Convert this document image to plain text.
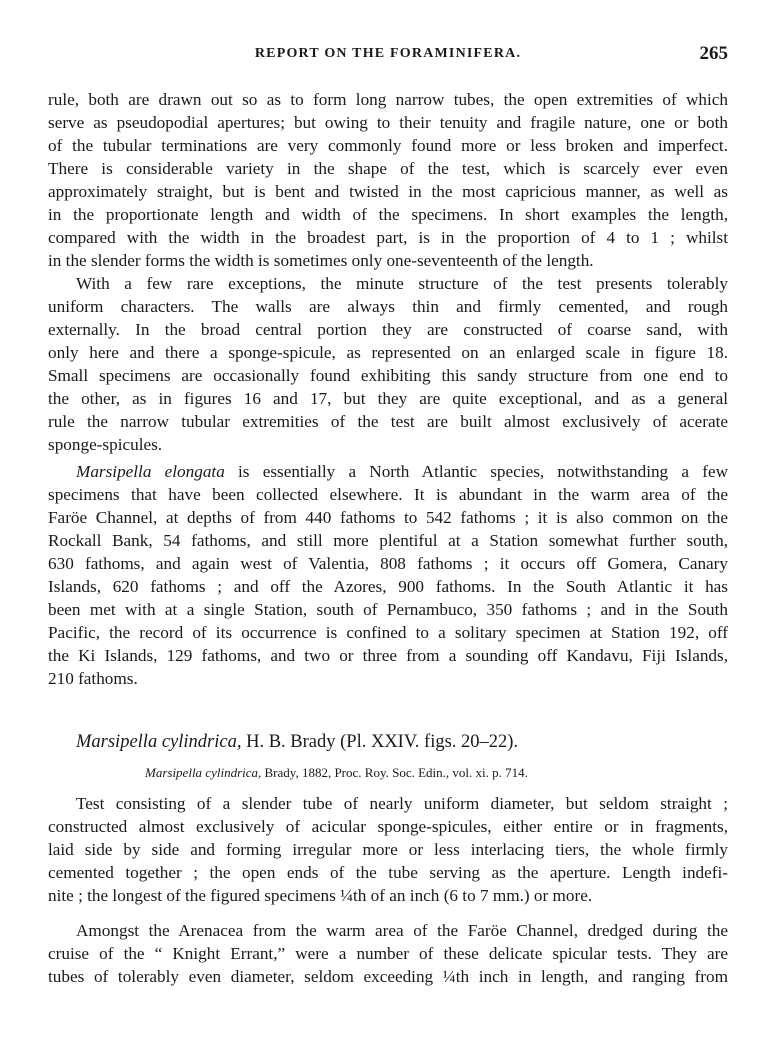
REPORT ON THE FORAMINIFERA.	265
rule, both are drawn out so as to form long narrow tubes, the open extremities of which
serve as pseudopodial apertures; but owing to their tenuity and fragile nature, one or both
of the tubular terminations are very commonly found more or less broken and imperfect.
There is considerable variety in the shape of the test, which is scarcely ever even
approximately straight, but is bent and twisted in the most capricious manner, as well as
in the proportionate length and width of the specimens. In short examples the length,
compared with the width in the broadest part, is in the proportion of 4 to 1 ; whilst
in the slender forms the width is sometimes only one-seventeenth of the length.
With a few rare exceptions, the minute structure of the test presents tolerably
uniform characters. The walls are always thin and firmly cemented, and rough
externally. In the broad central portion they are constructed of coarse sand, with
only here and there a sponge-spicule, as represented on an enlarged scale in figure 18.
Small specimens are occasionally found exhibiting this sandy structure from one end to
the other, as in figures 16 and 17, but they are quite exceptional, and as a general
rule the narrow tubular extremities of the test are built almost exclusively of acerate
sponge-spicules.
Marsipella elongata is essentially a North Atlantic species, notwithstanding a few
specimens that have been collected elsewhere. It is abundant in the warm area of the
Faröe Channel, at depths of from 440 fathoms to 542 fathoms ; it is also common on the
Rockall Bank, 54 fathoms, and still more plentiful at a Station somewhat further south,
630 fathoms, and again west of Valentia, 808 fathoms ; it occurs off Gomera, Canary
Islands, 620 fathoms ; and off the Azores, 900 fathoms. In the South Atlantic it has
been met with at a single Station, south of Pernambuco, 350 fathoms ; and in the South
Pacific, the record of its occurrence is confined to a solitary specimen at Station 192, off
the Ki Islands, 129 fathoms, and two or three from a sounding off Kandavu, Fiji Islands,
210 fathoms.
Marsipella cylindrica, H. B. Brady (Pl. XXIV. figs. 20–22).
Marsipella cylindrica, Brady, 1882, Proc. Roy. Soc. Edin., vol. xi. p. 714.
Test consisting of a slender tube of nearly uniform diameter, but seldom straight ;
constructed almost exclusively of acicular sponge-spicules, either entire or in fragments,
laid side by side and forming irregular more or less interlacing tiers, the whole firmly
cemented together ; the open ends of the tube serving as the aperture. Length indefi-
nite ; the longest of the figured specimens ¼th of an inch (6 to 7 mm.) or more.
Amongst the Arenacea from the warm area of the Faröe Channel, dredged during the
cruise of the “ Knight Errant,” were a number of these delicate spicular tests. They are
tubes of tolerably even diameter, seldom exceeding ¼th inch in length, and ranging from
